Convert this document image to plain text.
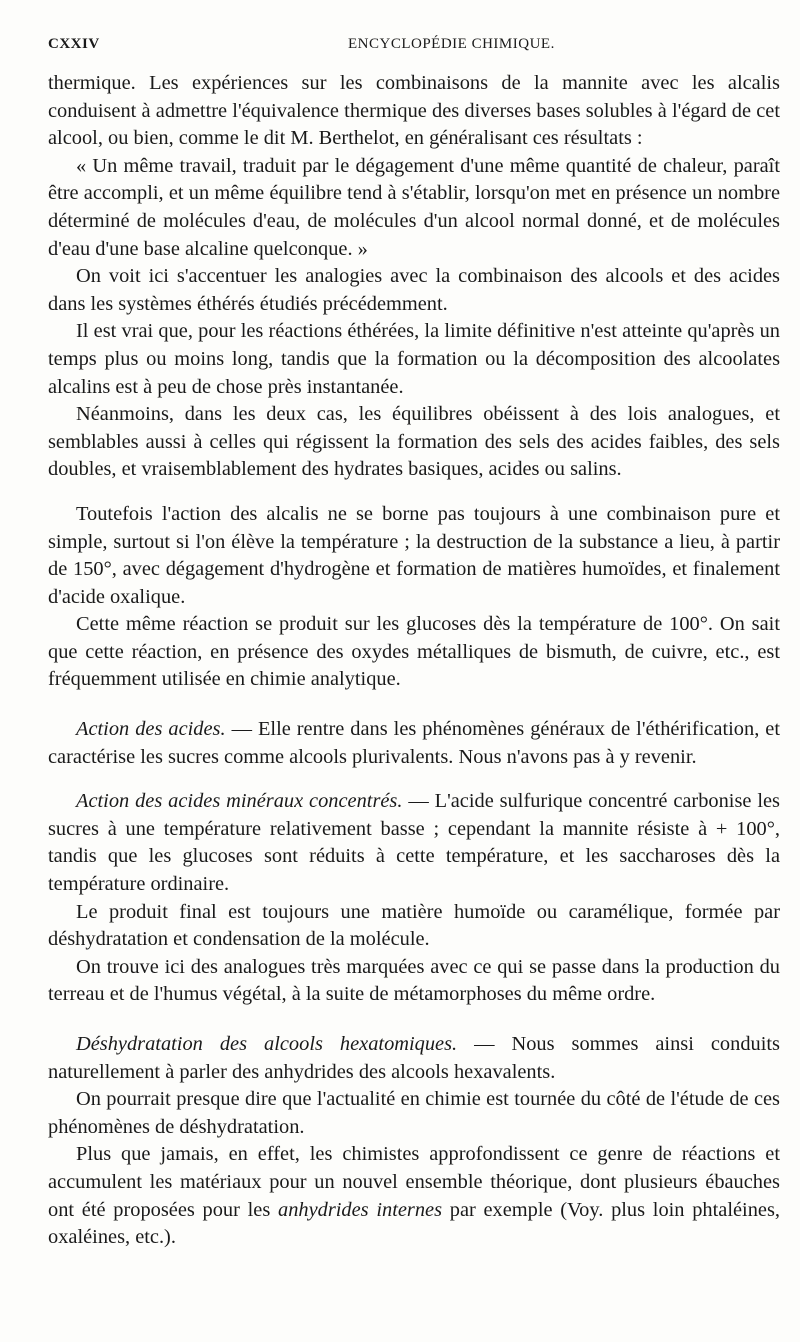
CXXIV	ENCYCLOPÉDIE CHIMIQUE.

thermique. Les expériences sur les combinaisons de la mannite avec les alcalis conduisent à admettre l'équivalence thermique des diverses bases solubles à l'égard de cet alcool, ou bien, comme le dit M. Berthelot, en généralisant ces résultats :

« Un même travail, traduit par le dégagement d'une même quantité de chaleur, paraît être accompli, et un même équilibre tend à s'établir, lorsqu'on met en présence un nombre déterminé de molécules d'eau, de molécules d'un alcool normal donné, et de molécules d'eau d'une base alcaline quelconque. »

On voit ici s'accentuer les analogies avec la combinaison des alcools et des acides dans les systèmes éthérés étudiés précédemment.

Il est vrai que, pour les réactions éthérées, la limite définitive n'est atteinte qu'après un temps plus ou moins long, tandis que la formation ou la décomposition des alcoolates alcalins est à peu de chose près instantanée.

Néanmoins, dans les deux cas, les équilibres obéissent à des lois analogues, et semblables aussi à celles qui régissent la formation des sels des acides faibles, des sels doubles, et vraisemblablement des hydrates basiques, acides ou salins.

Toutefois l'action des alcalis ne se borne pas toujours à une combinaison pure et simple, surtout si l'on élève la température ; la destruction de la substance a lieu, à partir de 150°, avec dégagement d'hydrogène et formation de matières humoïdes, et finalement d'acide oxalique.

Cette même réaction se produit sur les glucoses dès la température de 100°. On sait que cette réaction, en présence des oxydes métalliques de bismuth, de cuivre, etc., est fréquemment utilisée en chimie analytique.

Action des acides. — Elle rentre dans les phénomènes généraux de l'éthérification, et caractérise les sucres comme alcools plurivalents. Nous n'avons pas à y revenir.

Action des acides minéraux concentrés. — L'acide sulfurique concentré carbonise les sucres à une température relativement basse ; cependant la mannite résiste à + 100°, tandis que les glucoses sont réduits à cette température, et les saccharoses dès la température ordinaire.

Le produit final est toujours une matière humoïde ou caramélique, formée par déshydratation et condensation de la molécule.

On trouve ici des analogues très marquées avec ce qui se passe dans la production du terreau et de l'humus végétal, à la suite de métamorphoses du même ordre.

Déshydratation des alcools hexatomiques. — Nous sommes ainsi conduits naturellement à parler des anhydrides des alcools hexavalents.

On pourrait presque dire que l'actualité en chimie est tournée du côté de l'étude de ces phénomènes de déshydratation.

Plus que jamais, en effet, les chimistes approfondissent ce genre de réactions et accumulent les matériaux pour un nouvel ensemble théorique, dont plusieurs ébauches ont été proposées pour les anhydrides internes par exemple (Voy. plus loin phtaléines, oxaléines, etc.).
